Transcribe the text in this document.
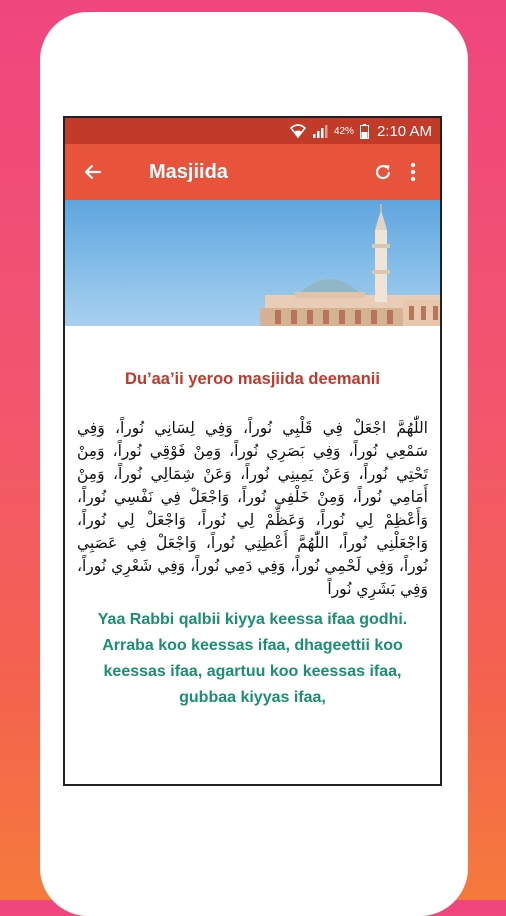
42% 2:10 AM
Masjiida
Du’aa’ii yeroo masjiida deemanii
اللّٰهُمَّ اجْعَلْ فِي قَلْبِي نُوراً، وَفِي لِسَانِي نُوراً، وَفِي سَمْعِي نُوراً، وَفِي بَصَرِي نُوراً، وَمِنْ فَوْقِي نُوراً، وَمِنْ تَحْتِي نُوراً، وَعَنْ يَمِينِي نُوراً، وَعَنْ شِمَالِي نُوراً، وَمِنْ أَمَامِي نُوراً، وَمِنْ خَلْفِي نُوراً، وَاجْعَلْ فِي نَفْسِي نُوراً، وَأَعْظِمْ لِي نُوراً، وَعَظِّمْ لِي نُوراً، وَاجْعَلْ لِي نُوراً، وَاجْعَلْنِي نُوراً، اللّٰهُمَّ أَعْطِنِي نُوراً، وَاجْعَلْ فِي عَصَبِي نُوراً، وَفِي لَحْمِي نُوراً، وَفِي دَمِي نُوراً، وَفِي شَعْرِي نُوراً، وَفِي بَشَرِي نُوراً
Yaa Rabbi qalbii kiyya keessa ifaa godhi. Arraba koo keessas ifaa, dhageettii koo keessas ifaa, agartuu koo keessas ifaa, gubbaa kiyyas ifaa,
